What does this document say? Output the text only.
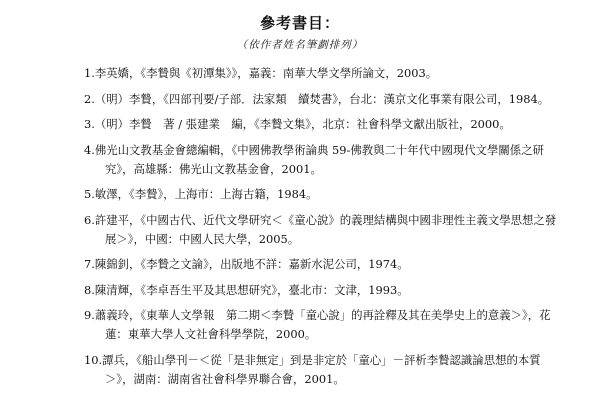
參考書目：
（依作者姓名筆劃排列）
1.李英嬌，《李贄與《初潭集》》，嘉義：南華大學文學所論文，2003。
2.（明）李贄，《四部刊要/子部．法家類　續焚書》，台北：漢京文化事業有限公司，1984。
3.（明）李贄　著 / 張建業　編，《李贄文集》，北京：社會科學文獻出版社，2000。
4.佛光山文教基金會總編輯，《中國佛教學術論典 59-佛教與二十年代中國現代文學關係之研究》，高雄縣：佛光山文教基金會，2001。
5.敏澤，《李贄》，上海市：上海古籍，1984。
6.許建平，《中國古代、近代文學研究＜《童心說》的義理結構與中國非理性主義文學思想之發展＞》，中國：中國人民大學，2005。
7.陳錦釗，《李贄之文論》，出版地不詳：嘉新水泥公司，1974。
8.陳清輝，《李卓吾生平及其思想研究》，臺北市：文津，1993。
9.蕭義玲，《東華人文學報　第二期＜李贄「童心說」的再詮釋及其在美學史上的意義＞》，花蓮：東華大學人文社會科學學院，2000。
10.譚兵，《船山學刊－＜從「是非無定」到是非定於「童心」－評析李贄認識論思想的本質＞》，湖南：湖南省社會科學界聯合會，2001。
